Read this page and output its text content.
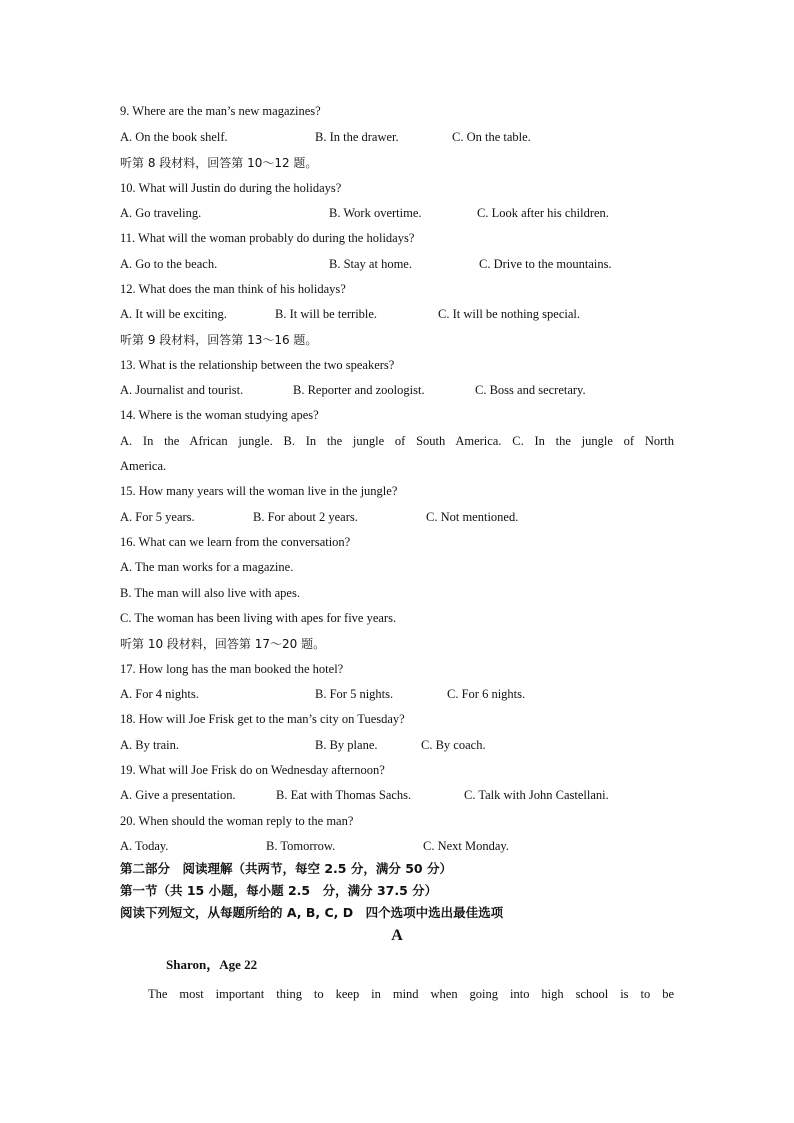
9. Where are the man’s new magazines?
A. On the book shelf.	B. In the drawer.	C. On the table.
听第 8 段材料，回答第 10～12 题。
10. What will Justin do during the holidays?
A. Go traveling.	B. Work overtime.	C. Look after his children.
11. What will the woman probably do during the holidays?
A. Go to the beach.	B. Stay at home.	C. Drive to the mountains.
12. What does the man think of his holidays?
A. It will be exciting.	B. It will be terrible.	C. It will be nothing special.
听第 9 段材料，回答第 13～16 题。
13. What is the relationship between the two speakers?
A. Journalist and tourist.	B. Reporter and zoologist.	C. Boss and secretary.
14. Where is the woman studying apes?
A. In the African jungle. B. In the jungle of South America. C. In the jungle of North
America.
15. How many years will the woman live in the jungle?
A. For 5 years.	B. For about 2 years.	C. Not mentioned.
16. What can we learn from the conversation?
A. The man works for a magazine.
B. The man will also live with apes.
C. The woman has been living with apes for five years.
听第 10 段材料，回答第 17～20 题。
17. How long has the man booked the hotel?
A. For 4 nights.	B. For 5 nights.	C. For 6 nights.
18. How will Joe Frisk get to the man’s city on Tuesday?
A. By train.	B. By plane.	C. By coach.
19. What will Joe Frisk do on Wednesday afternoon?
A. Give a presentation.	B. Eat with Thomas Sachs.	C. Talk with John Castellani.
20. When should the woman reply to the man?
A. Today.	B. Tomorrow.	C. Next Monday.
第二部分　阅读理解（共两节，每空 2.5 分，满分 50 分）
第一节（共 15 小题，每小题 2.5　分，满分 37.5 分）
阅读下列短文，从每题所给的 A, B, C, D　四个选项中选出最佳选项
A
Sharon，Age 22
The most important thing to keep in mind when going into high school is to be
